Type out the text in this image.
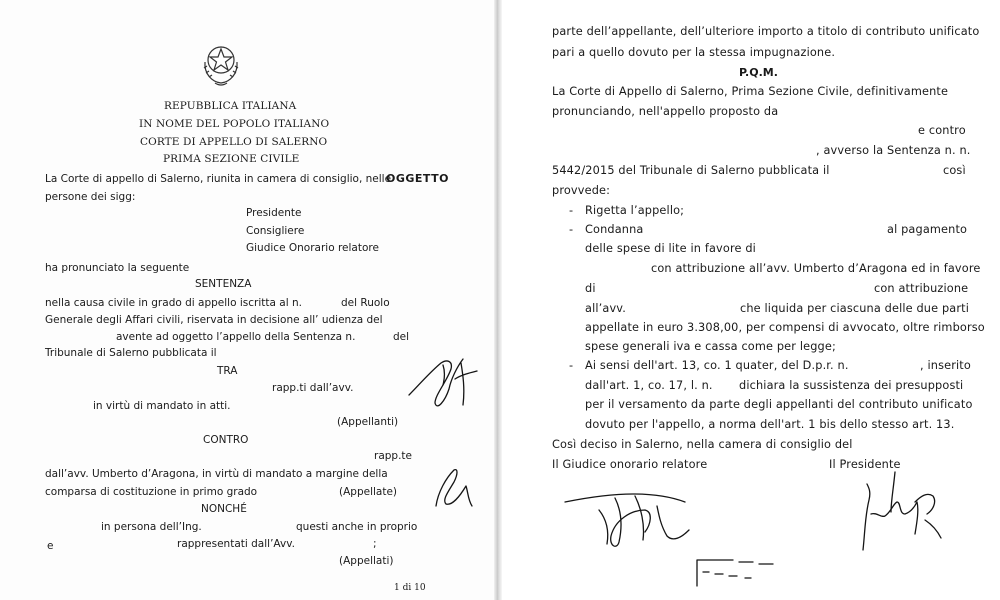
REPUBBLICA ITALIANA
IN NOME DEL POPOLO ITALIANO
CORTE DI APPELLO DI SALERNO
PRIMA SEZIONE CIVILE
La Corte di appello di Salerno, riunita in camera di consiglio, nelle
OGGETTO
persone dei sigg:
Presidente
Consigliere
Giudice Onorario relatore
ha pronunciato la seguente
SENTENZA
nella causa civile in grado di appello iscritta al n.	del Ruolo
Generale degli Affari civili, riservata in decisione all’ udienza del
avente ad oggetto l’appello della Sentenza n.	del
Tribunale di Salerno pubblicata il
TRA
rapp.ti dall’avv.
in virtù di mandato in atti.
(Appellanti)
CONTRO
rapp.te
dall’avv. Umberto d’Aragona, in virtù di mandato a margine della
comparsa di costituzione in primo grado	(Appellate)
NONCHÉ
in persona dell’Ing.	questi anche in proprio
e	rappresentati dall’Avv.	;
(Appellati)
1 di 10
parte dell’appellante, dell’ulteriore importo a titolo di contributo unificato
pari a quello dovuto per la stessa impugnazione.
P.Q.M.
La Corte di Appello di Salerno, Prima Sezione Civile, definitivamente
pronunciando, nell'appello proposto da
e contro
, avverso la Sentenza n. n.
5442/2015 del Tribunale di Salerno pubblicata il	così
provvede:
- Rigetta l’appello;
- Condanna	al pagamento
delle spese di lite in favore di
con attribuzione all’avv. Umberto d’Aragona ed in favore
di	con attribuzione
all’avv.	che liquida per ciascuna delle due parti
appellate in euro 3.308,00, per compensi di avvocato, oltre rimborso
spese generali iva e cassa come per legge;
- Ai sensi dell'art. 13, co. 1 quater, del D.p.r. n.	, inserito
dall'art. 1, co. 17, l. n. dichiara la sussistenza dei presupposti
per il versamento da parte degli appellanti del contributo unificato
dovuto per l'appello, a norma dell'art. 1 bis dello stesso art. 13.
Così deciso in Salerno, nella camera di consiglio del
Il Giudice onorario relatore	Il Presidente
